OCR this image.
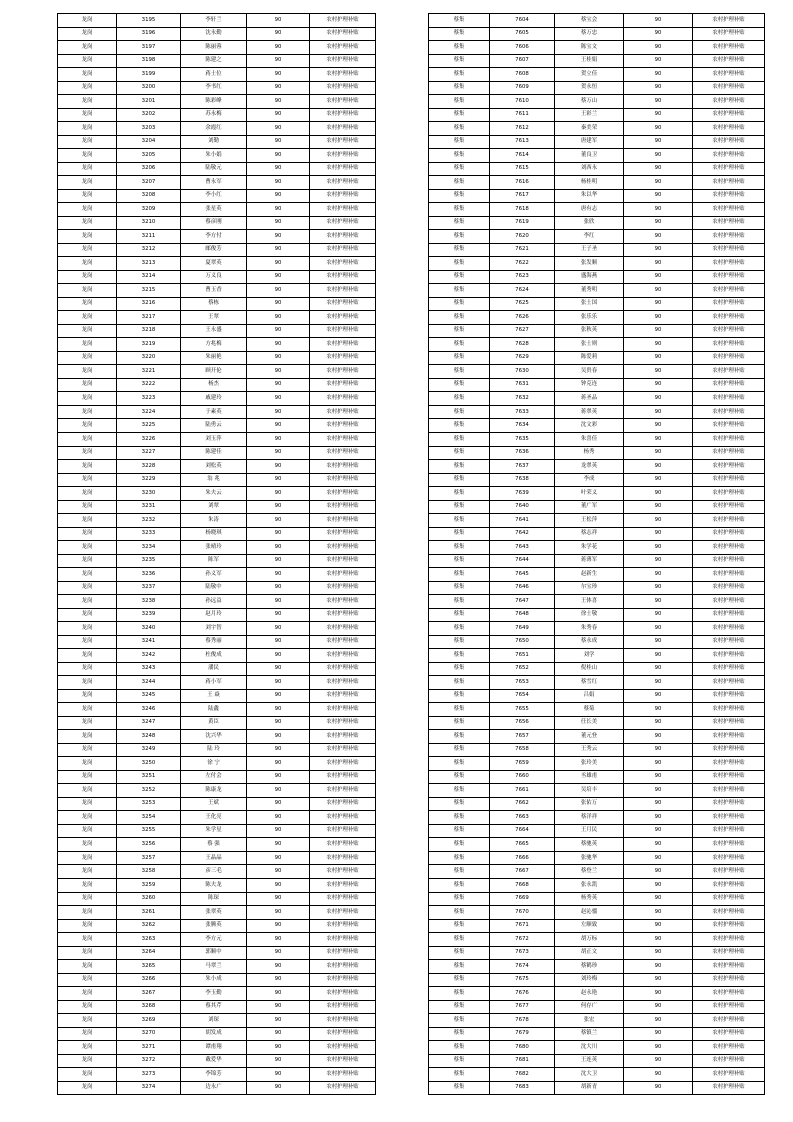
龙岗	3195	李轩兰	90	农村护理补贴
龙岗	3196	沈永勤	90	农村护理补贴
龙岗	3197	陈丽蓉	90	农村护理补贴
龙岗	3198	陈建之	90	农村护理补贴
龙岗	3199	蒋士位	90	农村护理补贴
龙岗	3200	李书红	90	农村护理补贴
龙岗	3201	陈彩峰	90	农村护理补贴
龙岗	3202	苏永梅	90	农村护理补贴
龙岗	3203	余霞红	90	农村护理补贴
龙岗	3204	刘勤	90	农村护理补贴
龙岗	3205	朱小娟	90	农村护理补贴
龙岗	3206	陆敬元	90	农村护理补贴
龙岗	3207	曹永军	90	农村护理补贴
龙岗	3208	李小红	90	农村护理补贴
龙岗	3209	张星英	90	农村护理补贴
龙岗	3210	蔡彦刚	90	农村护理补贴
龙岗	3211	李方付	90	农村护理补贴
龙岗	3212	邮俊芳	90	农村护理补贴
龙岗	3213	夏翠英	90	农村护理补贴
龙岗	3214	万义良	90	农村护理补贴
龙岗	3215	曹玉香	90	农村护理补贴
龙岗	3216	蔡栋	90	农村护理补贴
龙岗	3217	王翠	90	农村护理补贴
龙岗	3218	王永盛	90	农村护理补贴
龙岗	3219	方兆梅	90	农村护理补贴
龙岗	3220	朱丽艳	90	农村护理补贴
龙岗	3221	顾开伦	90	农村护理补贴
龙岗	3222	杨杰	90	农村护理补贴
龙岗	3223	戚建玲	90	农村护理补贴
龙岗	3224	于素英	90	农村护理补贴
龙岗	3225	陆勇云	90	农村护理补贴
龙岗	3226	刘玉萍	90	农村护理补贴
龙岗	3227	陈建佳	90	农村护理补贴
龙岗	3228	刘松英	90	农村护理补贴
龙岗	3229	翁 兆	90	农村护理补贴
龙岗	3230	朱夫云	90	农村护理补贴
龙岗	3231	刘翠	90	农村护理补贴
龙岗	3232	朱涛	90	农村护理补贴
龙岗	3233	杨晓琪	90	农村护理补贴
龙岗	3234	张晴玲	90	农村护理补贴
龙岗	3235	陈军	90	农村护理补贴
龙岗	3236	孙义军	90	农村护理补贴
龙岗	3237	陆敬中	90	农村护理补贴
龙岗	3238	孙远益	90	农村护理补贴
龙岗	3239	赵月玲	90	农村护理补贴
龙岗	3240	刘宇智	90	农村护理补贴
龙岗	3241	蔡秀丽	90	农村护理补贴
龙岗	3242	杜俊成	90	农村护理补贴
龙岗	3243	潘民	90	农村护理补贴
龙岗	3244	蒋小军	90	农村护理补贴
龙岗	3245	王 焱	90	农村护理补贴
龙岗	3246	陆鑫	90	农村护理补贴
龙岗	3247	黄臣	90	农村护理补贴
龙岗	3248	沈兴华	90	农村护理补贴
龙岗	3249	陆 玲	90	农村护理补贴
龙岗	3250	徐 宁	90	农村护理补贴
龙岗	3251	左付会	90	农村护理补贴
龙岗	3252	陈康龙	90	农村护理补贴
龙岗	3253	王斌	90	农村护理补贴
龙岗	3254	王化亮	90	农村护理补贴
龙岗	3255	朱学星	90	农村护理补贴
龙岗	3256	蔡 强	90	农村护理补贴
龙岗	3257	王晶晶	90	农村护理补贴
龙岗	3258	彦三毛	90	农村护理补贴
龙岗	3259	陈夫龙	90	农村护理补贴
龙岗	3260	陈琛	90	农村护理补贴
龙岗	3261	张翠英	90	农村护理补贴
龙岗	3262	张腾英	90	农村护理补贴
龙岗	3263	李方元	90	农村护理补贴
龙岗	3264	郭顺中	90	农村护理补贴
龙岗	3265	马翠兰	90	农村护理补贴
龙岗	3266	朱小成	90	农村护理补贴
龙岗	3267	李玉勤	90	农村护理补贴
龙岗	3268	蔡其芹	90	农村护理补贴
龙岗	3269	刘琛	90	农村护理补贴
龙岗	3270	胡发成	90	农村护理补贴
龙岗	3271	谭甫翔	90	农村护理补贴
龙岗	3272	戴爱华	90	农村护理补贴
龙岗	3273	李锦芳	90	农村护理补贴
龙岗	3274	边永广	90	农村护理补贴
蔡集	7604	蔡宝会	90	农村护理补贴
蔡集	7605	蔡万忠	90	农村护理补贴
蔡集	7606	陈宝文	90	农村护理补贴
蔡集	7607	王桂娟	90	农村护理补贴
蔡集	7608	贺立佳	90	农村护理补贴
蔡集	7609	贺永恒	90	农村护理补贴
蔡集	7610	蔡万山	90	农村护理补贴
蔡集	7611	王彩兰	90	农村护理补贴
蔡集	7612	秦美荣	90	农村护理补贴
蔡集	7613	唐建军	90	农村护理补贴
蔡集	7614	董良卫	90	农村护理补贴
蔡集	7615	刘西永	90	农村护理补贴
蔡集	7616	杨桂明	90	农村护理补贴
蔡集	7617	朱以华	90	农村护理补贴
蔡集	7618	唐有志	90	农村护理补贴
蔡集	7619	张欣	90	农村护理补贴
蔡集	7620	李红	90	农村护理补贴
蔡集	7621	王子圣	90	农村护理补贴
蔡集	7622	张发顺	90	农村护理补贴
蔡集	7623	盛海燕	90	农村护理补贴
蔡集	7624	董秀明	90	农村护理补贴
蔡集	7625	张士国	90	农村护理补贴
蔡集	7626	张乐乐	90	农村护理补贴
蔡集	7627	张秋英	90	农村护理补贴
蔡集	7628	张士则	90	农村护理补贴
蔡集	7629	陈爱莉	90	农村护理补贴
蔡集	7630	吴贵春	90	农村护理补贴
蔡集	7631	钟克连	90	农村护理补贴
蔡集	7632	蒋圣品	90	农村护理补贴
蔡集	7633	蒋翠英	90	农村护理补贴
蔡集	7634	沈文彩	90	农村护理补贴
蔡集	7635	朱喜佳	90	农村护理补贴
蔡集	7636	杨秀	90	农村护理补贴
蔡集	7637	龙翠英	90	农村护理补贴
蔡集	7638	李成	90	农村护理补贴
蔡集	7639	叶荣义	90	农村护理补贴
蔡集	7640	董广军	90	农村护理补贴
蔡集	7641	王松萍	90	农村护理补贴
蔡集	7642	蔡志祥	90	农村护理补贴
蔡集	7643	朱学花	90	农村护理补贴
蔡集	7644	蒋薄军	90	农村护理补贴
蔡集	7645	赵新生	90	农村护理补贴
蔡集	7646	尔宝珍	90	农村护理补贴
蔡集	7647	王体喜	90	农村护理补贴
蔡集	7648	徐士敬	90	农村护理补贴
蔡集	7649	朱秀春	90	农村护理补贴
蔡集	7650	蔡永成	90	农村护理补贴
蔡集	7651	刘学	90	农村护理补贴
蔡集	7652	倪桂山	90	农村护理补贴
蔡集	7653	蔡雪红	90	农村护理补贴
蔡集	7654	吕娟	90	农村护理补贴
蔡集	7655	蔡菊	90	农村护理补贴
蔡集	7656	任长美	90	农村护理补贴
蔡集	7657	董元登	90	农村护理补贴
蔡集	7658	王秀云	90	农村护理补贴
蔡集	7659	张玲美	90	农村护理补贴
蔡集	7660	丞雄甫	90	农村护理补贴
蔡集	7661	吴培丰	90	农村护理补贴
蔡集	7662	张佑万	90	农村护理补贴
蔡集	7663	蔡洋祥	90	农村护理补贴
蔡集	7664	王月民	90	农村护理补贴
蔡集	7665	蔡驰英	90	农村护理补贴
蔡集	7666	张驰华	90	农村护理补贴
蔡集	7667	蔡登兰	90	农村护理补贴
蔡集	7668	张永凯	90	农村护理补贴
蔡集	7669	杨秀英	90	农村护理补贴
蔡集	7670	赵沁骝	90	农村护理补贴
蔡集	7671	左顺致	90	农村护理补贴
蔡集	7672	胡万标	90	农村护理补贴
蔡集	7673	胡正文	90	农村护理补贴
蔡集	7674	蔡鹤珍	90	农村护理补贴
蔡集	7675	刘玲梅	90	农村护理补贴
蔡集	7676	赵永艳	90	农村护理补贴
蔡集	7677	何存广	90	农村护理补贴
蔡集	7678	张宏	90	农村护理补贴
蔡集	7679	蔡镇兰	90	农村护理补贴
蔡集	7680	沈大川	90	农村护理补贴
蔡集	7681	王连英	90	农村护理补贴
蔡集	7682	沈大卫	90	农村护理补贴
蔡集	7683	胡新青	90	农村护理补贴
